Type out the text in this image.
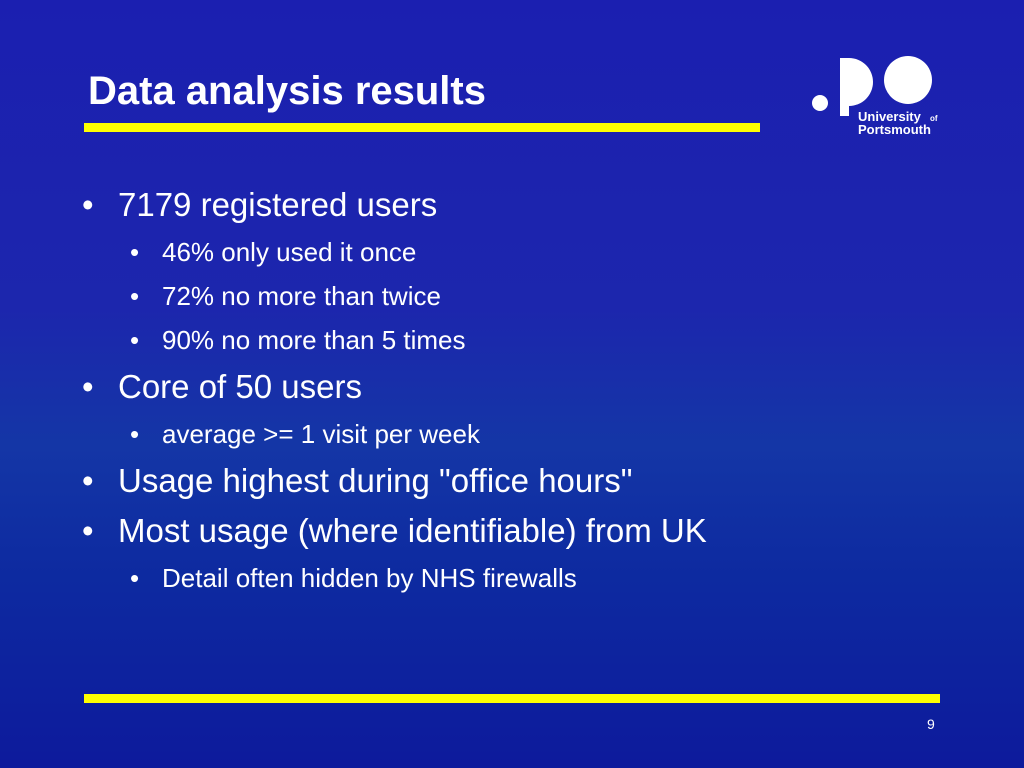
Data analysis results
University of
Portsmouth
• 7179 registered users
• 46% only used it once
• 72% no more than twice
• 90% no more than 5 times
• Core of 50 users
• average >= 1 visit per week
• Usage highest during "office hours"
• Most usage (where identifiable) from UK
• Detail often hidden by NHS firewalls
9
